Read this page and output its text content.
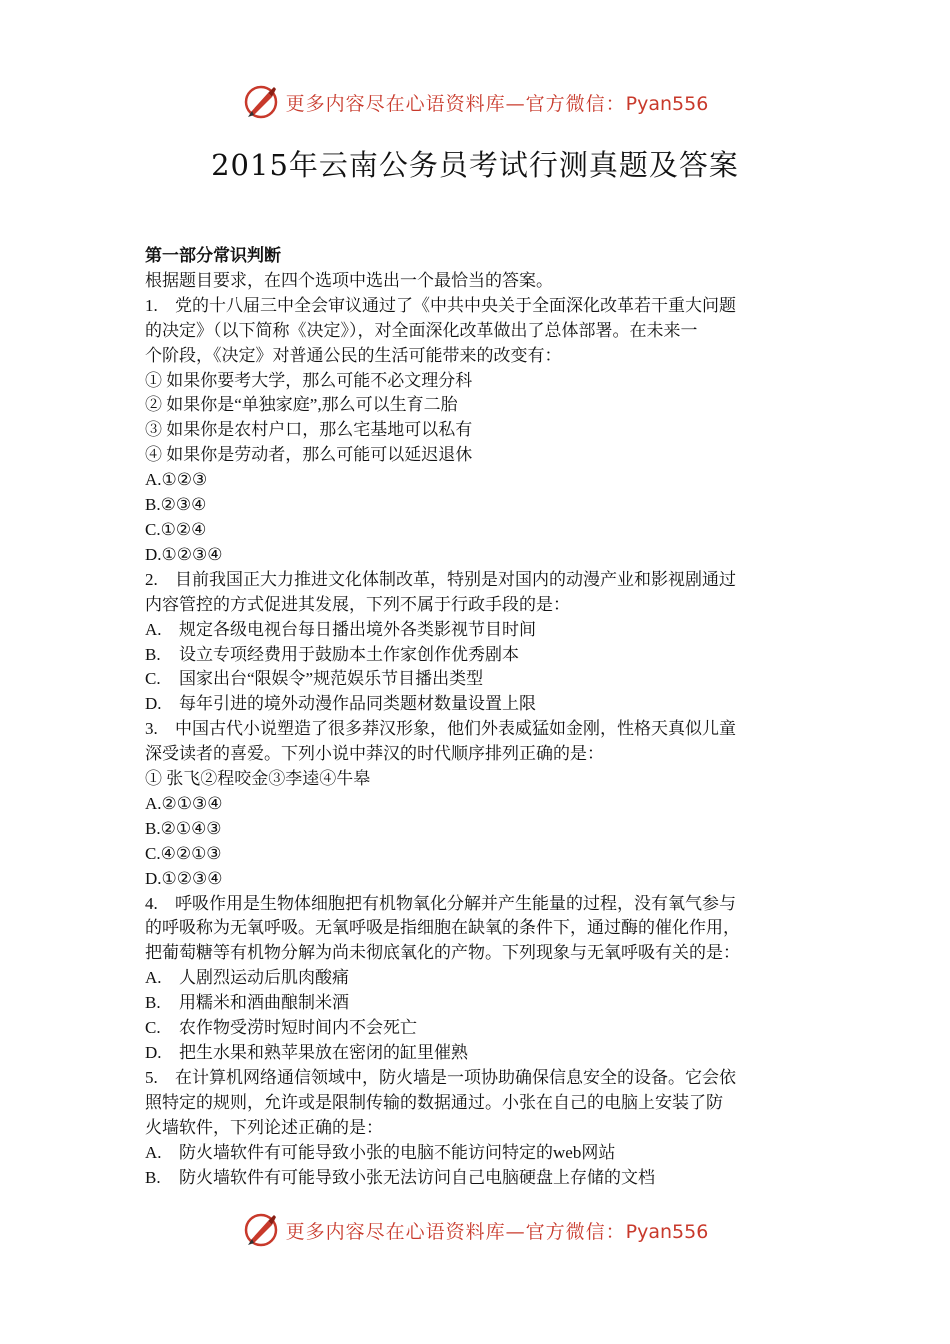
更多内容尽在心语资料库—官方微信：Pyan556
2015年云南公务员考试行测真题及答案
第一部分常识判断
根据题目要求，在四个选项中选出一个最恰当的答案。
1. 党的十八届三中全会审议通过了《中共中央关于全面深化改革若干重大问题
的决定》（以下简称《决定》），对全面深化改革做出了总体部署。在未来一
个阶段，《决定》对普通公民的生活可能带来的改变有：
① 如果你要考大学，那么可能不必文理分科
② 如果你是“单独家庭”,那么可以生育二胎
③ 如果你是农村户口，那么宅基地可以私有
④ 如果你是劳动者，那么可能可以延迟退休
A.①②③
B.②③④
C.①②④
D.①②③④
2. 目前我国正大力推进文化体制改革，特别是对国内的动漫产业和影视剧通过
内容管控的方式促进其发展，下列不属于行政手段的是：
A. 规定各级电视台每日播出境外各类影视节目时间
B. 设立专项经费用于鼓励本土作家创作优秀剧本
C. 国家出台“限娱令”规范娱乐节目播出类型
D. 每年引进的境外动漫作品同类题材数量设置上限
3. 中国古代小说塑造了很多莽汉形象，他们外表威猛如金刚，性格天真似儿童
深受读者的喜爱。下列小说中莽汉的时代顺序排列正确的是：
① 张飞②程咬金③李逵④牛皋
A.②①③④
B.②①④③
C.④②①③
D.①②③④
4. 呼吸作用是生物体细胞把有机物氧化分解并产生能量的过程，没有氧气参与
的呼吸称为无氧呼吸。无氧呼吸是指细胞在缺氧的条件下，通过酶的催化作用，
把葡萄糖等有机物分解为尚未彻底氧化的产物。下列现象与无氧呼吸有关的是：
A. 人剧烈运动后肌肉酸痛
B. 用糯米和酒曲酿制米酒
C. 农作物受涝时短时间内不会死亡
D. 把生水果和熟苹果放在密闭的缸里催熟
5. 在计算机网络通信领域中，防火墙是一项协助确保信息安全的设备。它会依
照特定的规则，允许或是限制传输的数据通过。小张在自己的电脑上安装了防
火墙软件，下列论述正确的是：
A. 防火墙软件有可能导致小张的电脑不能访问特定的web网站
B. 防火墙软件有可能导致小张无法访问自己电脑硬盘上存储的文档
更多内容尽在心语资料库—官方微信：Pyan556
